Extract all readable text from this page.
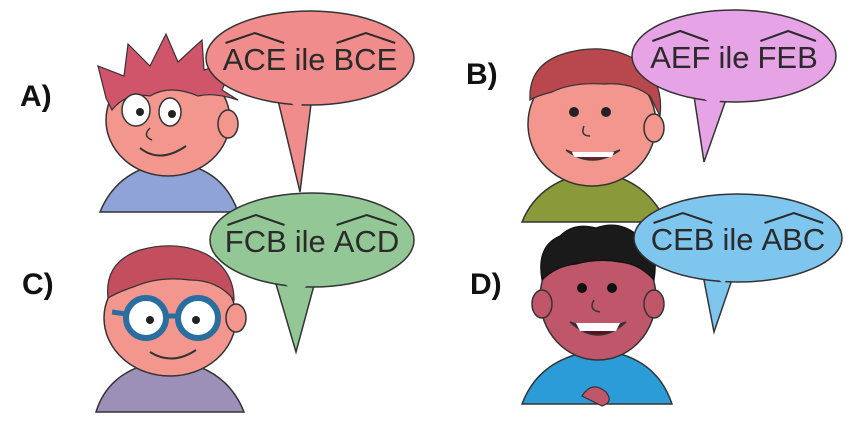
A)
B)
C)	D)
ACE ile BCE	AEF ile FEB
FCB ile ACD	CEB ile ABC
